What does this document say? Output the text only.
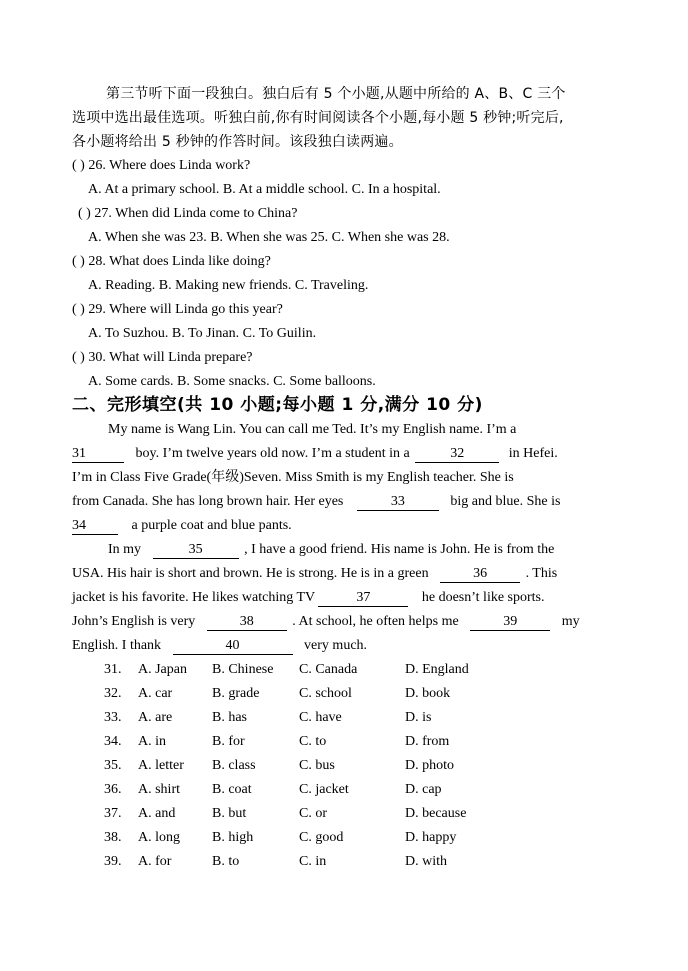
第三节听下面一段独白。独白后有 5 个小题,从题中所给的 A、B、C 三个
选项中选出最佳选项。听独白前,你有时间阅读各个小题,每小题 5 秒钟;听完后,
各小题将给出 5 秒钟的作答时间。该段独白读两遍。
( ) 26. Where does Linda work?
A. At a primary school. B. At a middle school. C. In a hospital.
( ) 27. When did Linda come to China?
A. When she was 23. B. When she was 25. C. When she was 28.
( ) 28. What does Linda like doing?
A. Reading. B. Making new friends. C. Traveling.
( ) 29. Where will Linda go this year?
A. To Suzhou. B. To Jinan. C. To Guilin.
( ) 30. What will Linda prepare?
A. Some cards. B. Some snacks. C. Some balloons.
二、完形填空(共 10 小题;每小题 1 分,满分 10 分)
My name is Wang Lin. You can call me Ted. It’s my English name. I’m a
31	boy. I’m twelve years old now. I’m a student in a	32	in Hefei.
I’m in Class Five Grade(年级)Seven. Miss Smith is my English teacher. She is
from Canada. She has long brown hair. Her eyes	33	big and blue. She is
34	a purple coat and blue pants.
In my	35	, I have a good friend. His name is John. He is from the
USA. His hair is short and brown. He is strong. He is in a green	36	. This
jacket is his favorite. He likes watching TV	37	he doesn’t like sports.
John’s English is very	38	. At school, he often helps me	39	my
English. I thank	40	very much.
31. A. Japan B. Chinese C. Canada	D. England
32. A. car	B. grade	C. school	D. book
33. A. are	B. has	C. have	D. is
34. A. in	B. for	C. to	D. from
35. A. letter B. class	C. bus	D. photo
36. A. shirt B. coat	C. jacket	D. cap
37. A. and	B. but	C. or	D. because
38. A. long B. high	C. good	D. happy
39. A. for	B. to	C. in	D. with
